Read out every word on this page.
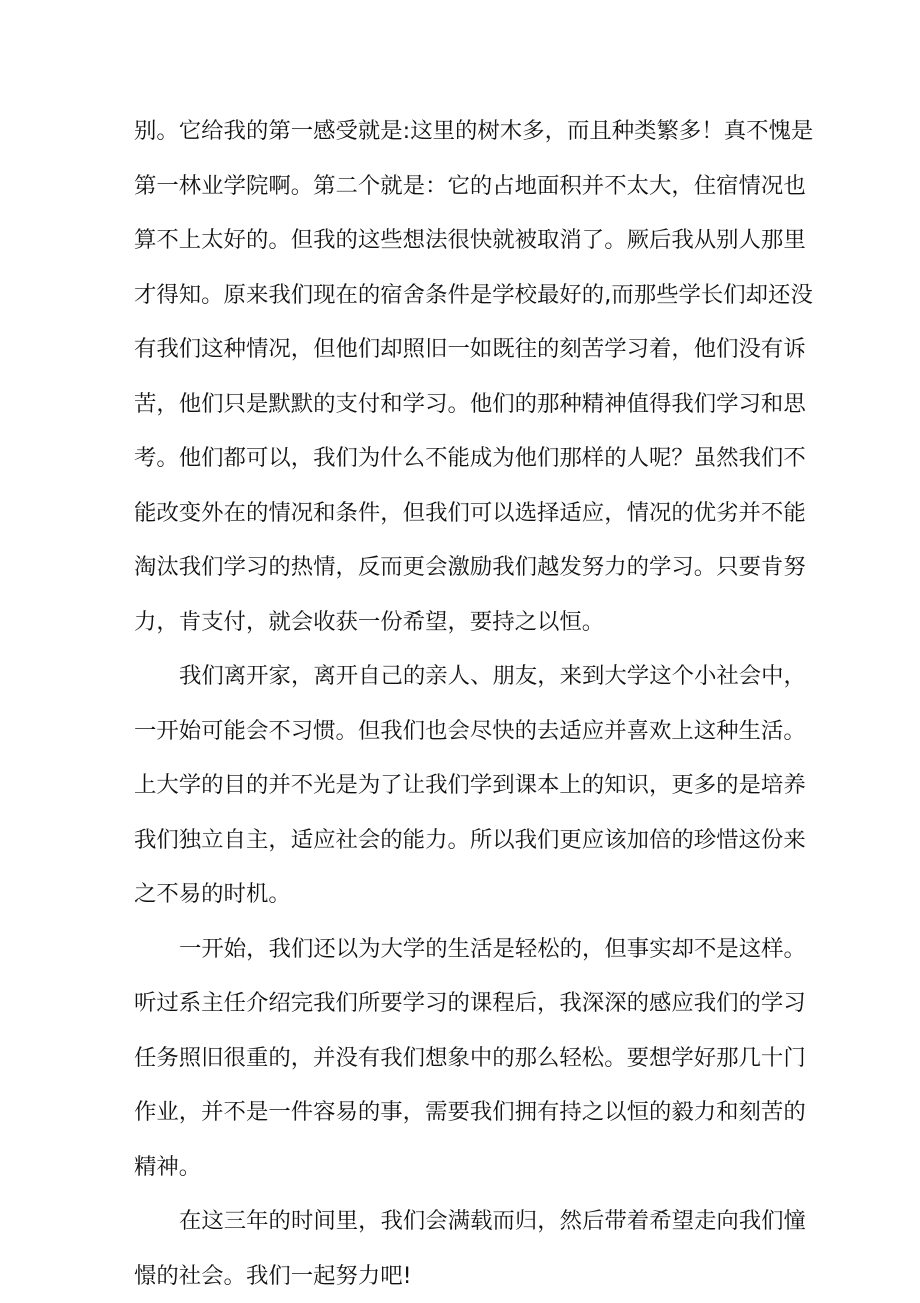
别。它给我的第一感受就是:这里的树木多，而且种类繁多！真不愧是
第一林业学院啊。第二个就是：它的占地面积并不太大，住宿情况也
算不上太好的。但我的这些想法很快就被取消了。厥后我从别人那里
才得知。原来我们现在的宿舍条件是学校最好的,而那些学长们却还没
有我们这种情况，但他们却照旧一如既往的刻苦学习着，他们没有诉
苦，他们只是默默的支付和学习。他们的那种精神值得我们学习和思
考。他们都可以，我们为什么不能成为他们那样的人呢？虽然我们不
能改变外在的情况和条件，但我们可以选择适应，情况的优劣并不能
淘汰我们学习的热情，反而更会激励我们越发努力的学习。只要肯努
力，肯支付，就会收获一份希望，要持之以恒。
我们离开家，离开自己的亲人、朋友，来到大学这个小社会中，
一开始可能会不习惯。但我们也会尽快的去适应并喜欢上这种生活。
上大学的目的并不光是为了让我们学到课本上的知识，更多的是培养
我们独立自主，适应社会的能力。所以我们更应该加倍的珍惜这份来
之不易的时机。
一开始，我们还以为大学的生活是轻松的，但事实却不是这样。
听过系主任介绍完我们所要学习的课程后，我深深的感应我们的学习
任务照旧很重的，并没有我们想象中的那么轻松。要想学好那几十门
作业，并不是一件容易的事，需要我们拥有持之以恒的毅力和刻苦的
精神。
在这三年的时间里，我们会满载而归，然后带着希望走向我们憧
憬的社会。我们一起努力吧!
